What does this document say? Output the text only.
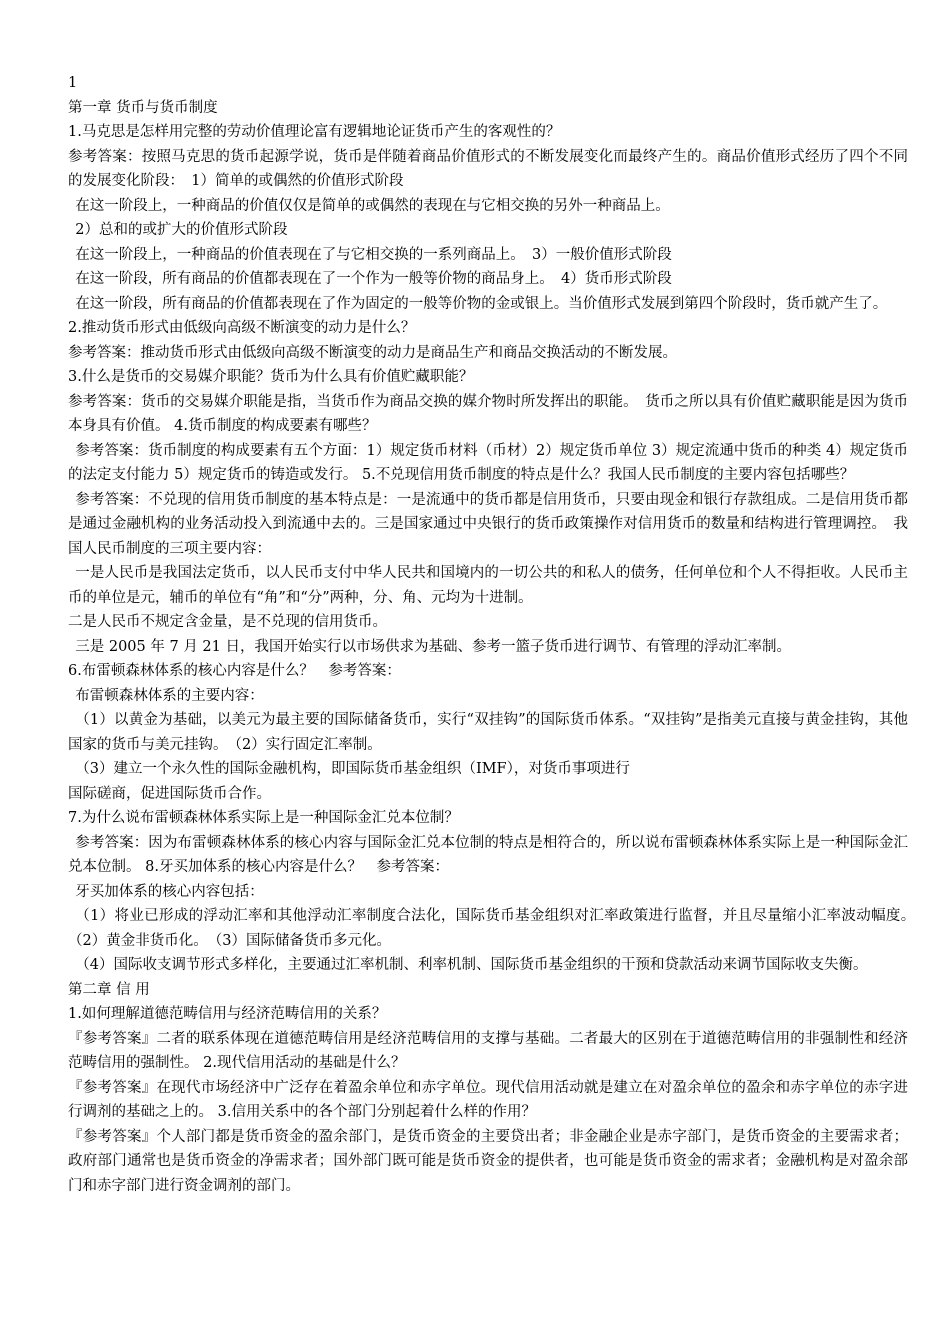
1

第一章 货币与货币制度

1.马克思是怎样用完整的劳动价值理论富有逻辑地论证货币产生的客观性的？

参考答案：按照马克思的货币起源学说，货币是伴随着商品价值形式的不断发展变化而最终产生的。商品价值形式经历了四个不同的发展变化阶段：　1）简单的或偶然的价值形式阶段

在这一阶段上，一种商品的价值仅仅是简单的或偶然的表现在与它相交换的另外一种商品上。

2）总和的或扩大的价值形式阶段

在这一阶段上，一种商品的价值表现在了与它相交换的一系列商品上。　3）一般价值形式阶段

在这一阶段，所有商品的价值都表现在了一个作为一般等价物的商品身上。　4）货币形式阶段

在这一阶段，所有商品的价值都表现在了作为固定的一般等价物的金或银上。当价值形式发展到第四个阶段时，货币就产生了。

2.推动货币形式由低级向高级不断演变的动力是什么？

参考答案：推动货币形式由低级向高级不断演变的动力是商品生产和商品交换活动的不断发展。

3.什么是货币的交易媒介职能？货币为什么具有价值贮藏职能？

参考答案：货币的交易媒介职能是指，当货币作为商品交换的媒介物时所发挥出的职能。　货币之所以具有价值贮藏职能是因为货币本身具有价值。 4.货币制度的构成要素有哪些？

参考答案：货币制度的构成要素有五个方面：1）规定货币材料（币材）2）规定货币单位 3）规定流通中货币的种类 4）规定货币的法定支付能力 5）规定货币的铸造或发行。 5.不兑现信用货币制度的特点是什么？我国人民币制度的主要内容包括哪些？

参考答案：不兑现的信用货币制度的基本特点是：一是流通中的货币都是信用货币，只要由现金和银行存款组成。二是信用货币都是通过金融机构的业务活动投入到流通中去的。三是国家通过中央银行的货币政策操作对信用货币的数量和结构进行管理调控。　我国人民币制度的三项主要内容：

一是人民币是我国法定货币，以人民币支付中华人民共和国境内的一切公共的和私人的债务，任何单位和个人不得拒收。人民币主币的单位是元，辅币的单位有“角”和“分”两种，分、角、元均为十进制。

二是人民币不规定含金量，是不兑现的信用货币。

三是 2005 年 7 月 21 日，我国开始实行以市场供求为基础、参考一篮子货币进行调节、有管理的浮动汇率制。

6.布雷顿森林体系的核心内容是什么？　参考答案：

布雷顿森林体系的主要内容：

（1）以黄金为基础，以美元为最主要的国际储备货币，实行“双挂钩”的国际货币体系。“双挂钩”是指美元直接与黄金挂钩，其他国家的货币与美元挂钩。　（2）实行固定汇率制。

（3）建立一个永久性的国际金融机构，即国际货币基金组织（IMF），对货币事项进行

国际磋商，促进国际货币合作。

7.为什么说布雷顿森林体系实际上是一种国际金汇兑本位制？

参考答案：因为布雷顿森林体系的核心内容与国际金汇兑本位制的特点是相符合的，所以说布雷顿森林体系实际上是一种国际金汇兑本位制。 8.牙买加体系的核心内容是什么？　参考答案：

牙买加体系的核心内容包括：

（1）将业已形成的浮动汇率和其他浮动汇率制度合法化，国际货币基金组织对汇率政策进行监督，并且尽量缩小汇率波动幅度。　（2）黄金非货币化。　（3）国际储备货币多元化。

（4）国际收支调节形式多样化，主要通过汇率机制、利率机制、国际货币基金组织的干预和贷款活动来调节国际收支失衡。

第二章 信 用

1.如何理解道德范畴信用与经济范畴信用的关系？

『参考答案』二者的联系体现在道德范畴信用是经济范畴信用的支撑与基础。二者最大的区别在于道德范畴信用的非强制性和经济范畴信用的强制性。 2.现代信用活动的基础是什么？

『参考答案』在现代市场经济中广泛存在着盈余单位和赤字单位。现代信用活动就是建立在对盈余单位的盈余和赤字单位的赤字进行调剂的基础之上的。 3.信用关系中的各个部门分别起着什么样的作用？

『参考答案』个人部门都是货币资金的盈余部门，是货币资金的主要贷出者；非金融企业是赤字部门，是货币资金的主要需求者；政府部门通常也是货币资金的净需求者；国外部门既可能是货币资金的提供者，也可能是货币资金的需求者；金融机构是对盈余部门和赤字部门进行资金调剂的部门。
